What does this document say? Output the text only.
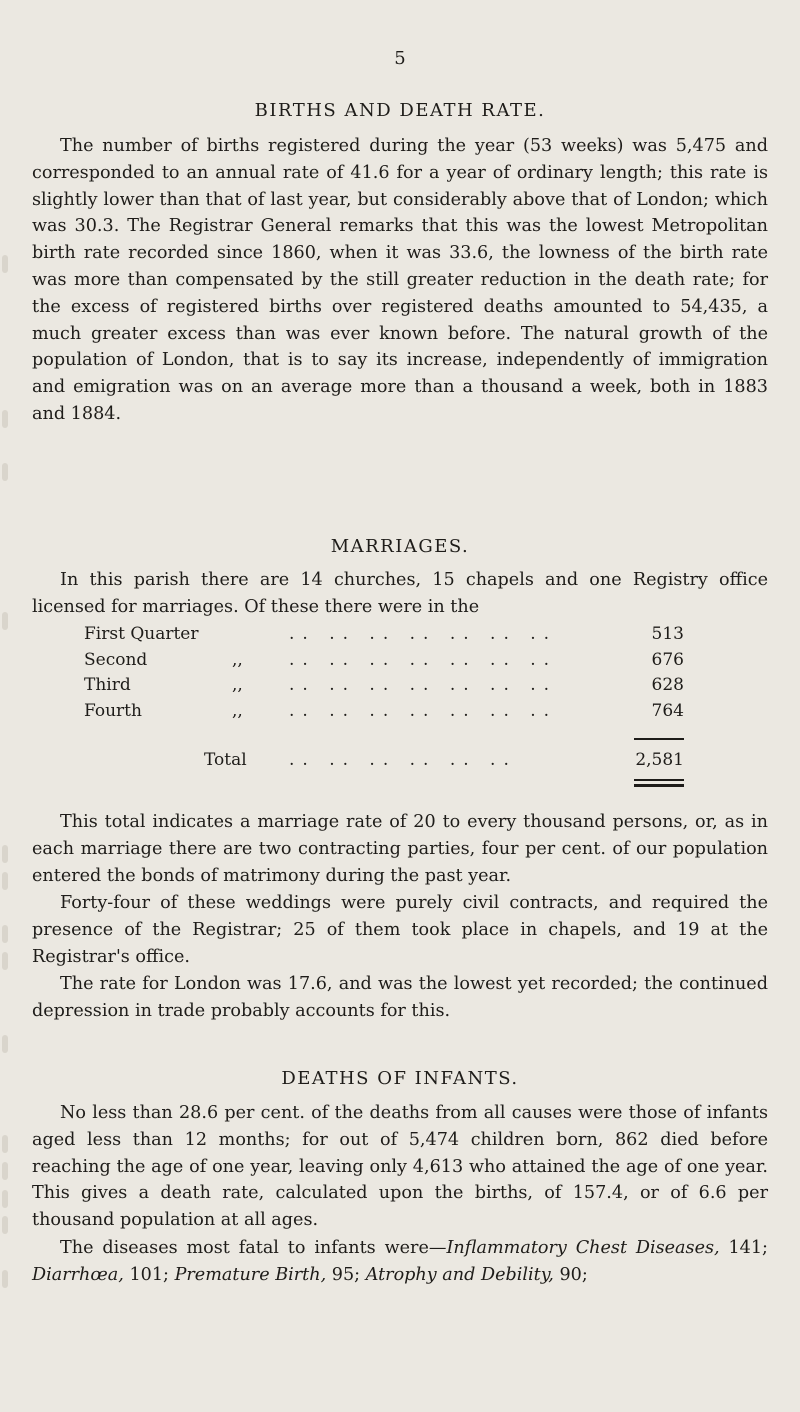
5
BIRTHS AND DEATH RATE.

The number of births registered during the year (53 weeks) was 5,475 and corresponded to an annual rate of 41.6 for a year of ordinary length; this rate is slightly lower than that of last year, but considerably above that of London; which was 30.3. The Registrar General remarks that this was the lowest Metropolitan birth rate recorded since 1860, when it was 33.6, the lowness of the birth rate was more than compensated by the still greater reduction in the death rate; for the excess of registered births over registered deaths amounted to 54,435, a much greater excess than was ever known before. The natural growth of the population of London, that is to say its increase, independently of immigration and emigration was on an average more than a thousand a week, both in 1883 and 1884.

MARRIAGES.

In this parish there are 14 churches, 15 chapels and one Registry office licensed for marriages. Of these there were in the

First Quarter	.. .. .. .. .. .. ..	513
Second	,,	.. .. .. .. .. .. ..	676
Third	,,	.. .. .. .. .. .. ..	628
Fourth	,,	.. .. .. .. .. .. ..	764
Total .. .. .. .. .. ..	2,581

This total indicates a marriage rate of 20 to every thousand persons, or, as in each marriage there are two contracting parties, four per cent. of our population entered the bonds of matrimony during the past year.

Forty-four of these weddings were purely civil contracts, and required the presence of the Registrar; 25 of them took place in chapels, and 19 at the Registrar's office.

The rate for London was 17.6, and was the lowest yet recorded; the continued depression in trade probably accounts for this.

DEATHS OF INFANTS.

No less than 28.6 per cent. of the deaths from all causes were those of infants aged less than 12 months; for out of 5,474 children born, 862 died before reaching the age of one year, leaving only 4,613 who attained the age of one year. This gives a death rate, calculated upon the births, of 157.4, or of 6.6 per thousand population at all ages.

The diseases most fatal to infants were—Inflammatory Chest Diseases, 141; Diarrhœa, 101; Premature Birth, 95; Atrophy and Debility, 90;
